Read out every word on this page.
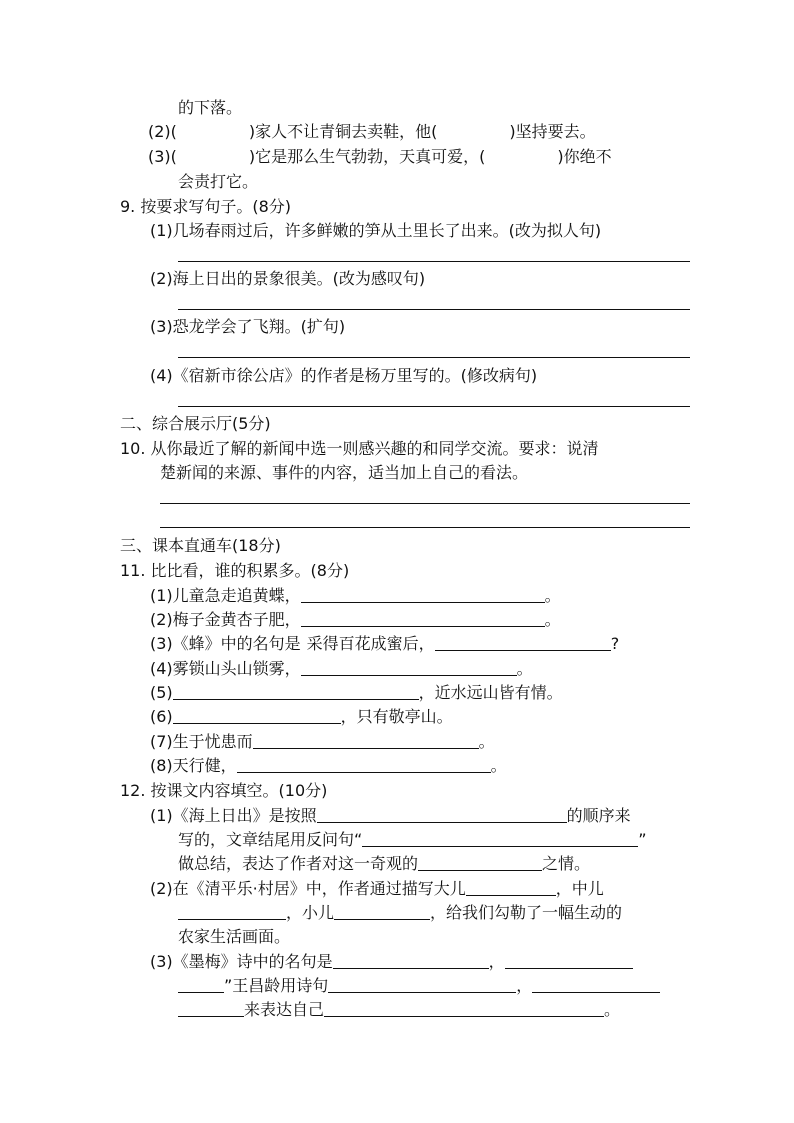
的下落。
(2)(	)家人不让青铜去卖鞋，他(	)坚持要去。
(3)(	)它是那么生气勃勃，天真可爱，(	)你绝不
会责打它。
9. 按要求写句子。(8分)
(1)几场春雨过后，许多鲜嫩的笋从土里长了出来。(改为拟人句)
(2)海上日出的景象很美。(改为感叹句)
(3)恐龙学会了飞翔。(扩句)
(4)《宿新市徐公店》的作者是杨万里写的。(修改病句)
二、综合展示厅(5分)
10. 从你最近了解的新闻中选一则感兴趣的和同学交流。要求：说清
楚新闻的来源、事件的内容，适当加上自己的看法。
三、课本直通车(18分)
11. 比比看，谁的积累多。(8分)
(1)儿童急走追黄蝶，	。
(2)梅子金黄杏子肥，	。
(3)《蜂》中的名句是 采得百花成蜜后，	?
(4)雾锁山头山锁雾，	。
(5)	，近水远山皆有情。
(6)	，只有敬亭山。
(7)生于忧患而	。
(8)天行健，	。
12. 按课文内容填空。(10分)
(1)《海上日出》是按照	的顺序来
写的，文章结尾用反问句“	”
做总结，表达了作者对这一奇观的	之情。
(2)在《清平乐·村居》中，作者通过描写大儿	，中儿
，小儿	，给我们勾勒了一幅生动的
农家生活画面。
(3)《墨梅》诗中的名句是	，
”王昌龄用诗句	，
来表达自己	。
